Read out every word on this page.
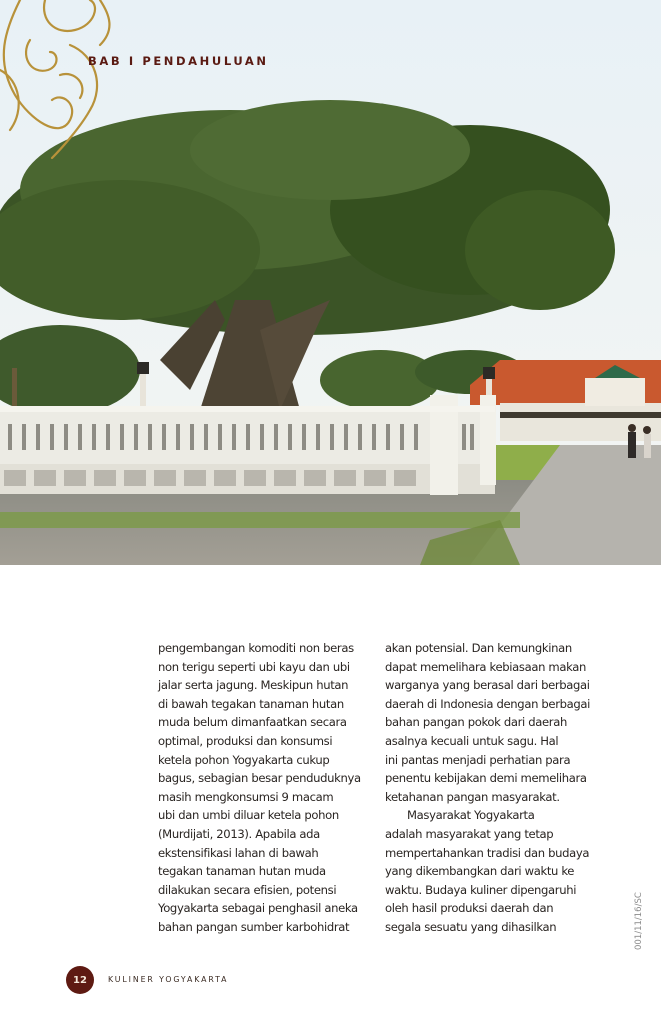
BAB I PENDAHULUAN
pengembangan komoditi non beras
non terigu seperti ubi kayu dan ubi
jalar serta jagung. Meskipun hutan
di bawah tegakan tanaman hutan
muda belum dimanfaatkan secara
optimal, produksi dan konsumsi
ketela pohon Yogyakarta cukup
bagus, sebagian besar penduduknya
masih mengkonsumsi 9 macam
ubi dan umbi diluar ketela pohon
(Murdijati, 2013). Apabila ada
ekstensifikasi lahan di bawah
tegakan tanaman hutan muda
dilakukan secara efisien, potensi
Yogyakarta sebagai penghasil aneka
bahan pangan sumber karbohidrat
akan potensial. Dan kemungkinan
dapat memelihara kebiasaan makan
warganya yang berasal dari berbagai
daerah di Indonesia dengan berbagai
bahan pangan pokok dari daerah
asalnya kecuali untuk sagu. Hal
ini pantas menjadi perhatian para
penentu kebijakan demi memelihara
ketahanan pangan masyarakat.
Masyarakat Yogyakarta
adalah masyarakat yang tetap
mempertahankan tradisi dan budaya
yang dikembangkan dari waktu ke
waktu. Budaya kuliner dipengaruhi
oleh hasil produksi daerah dan
segala sesuatu yang dihasilkan
12	KULINER YOGYAKARTA
001/11/16/SC
